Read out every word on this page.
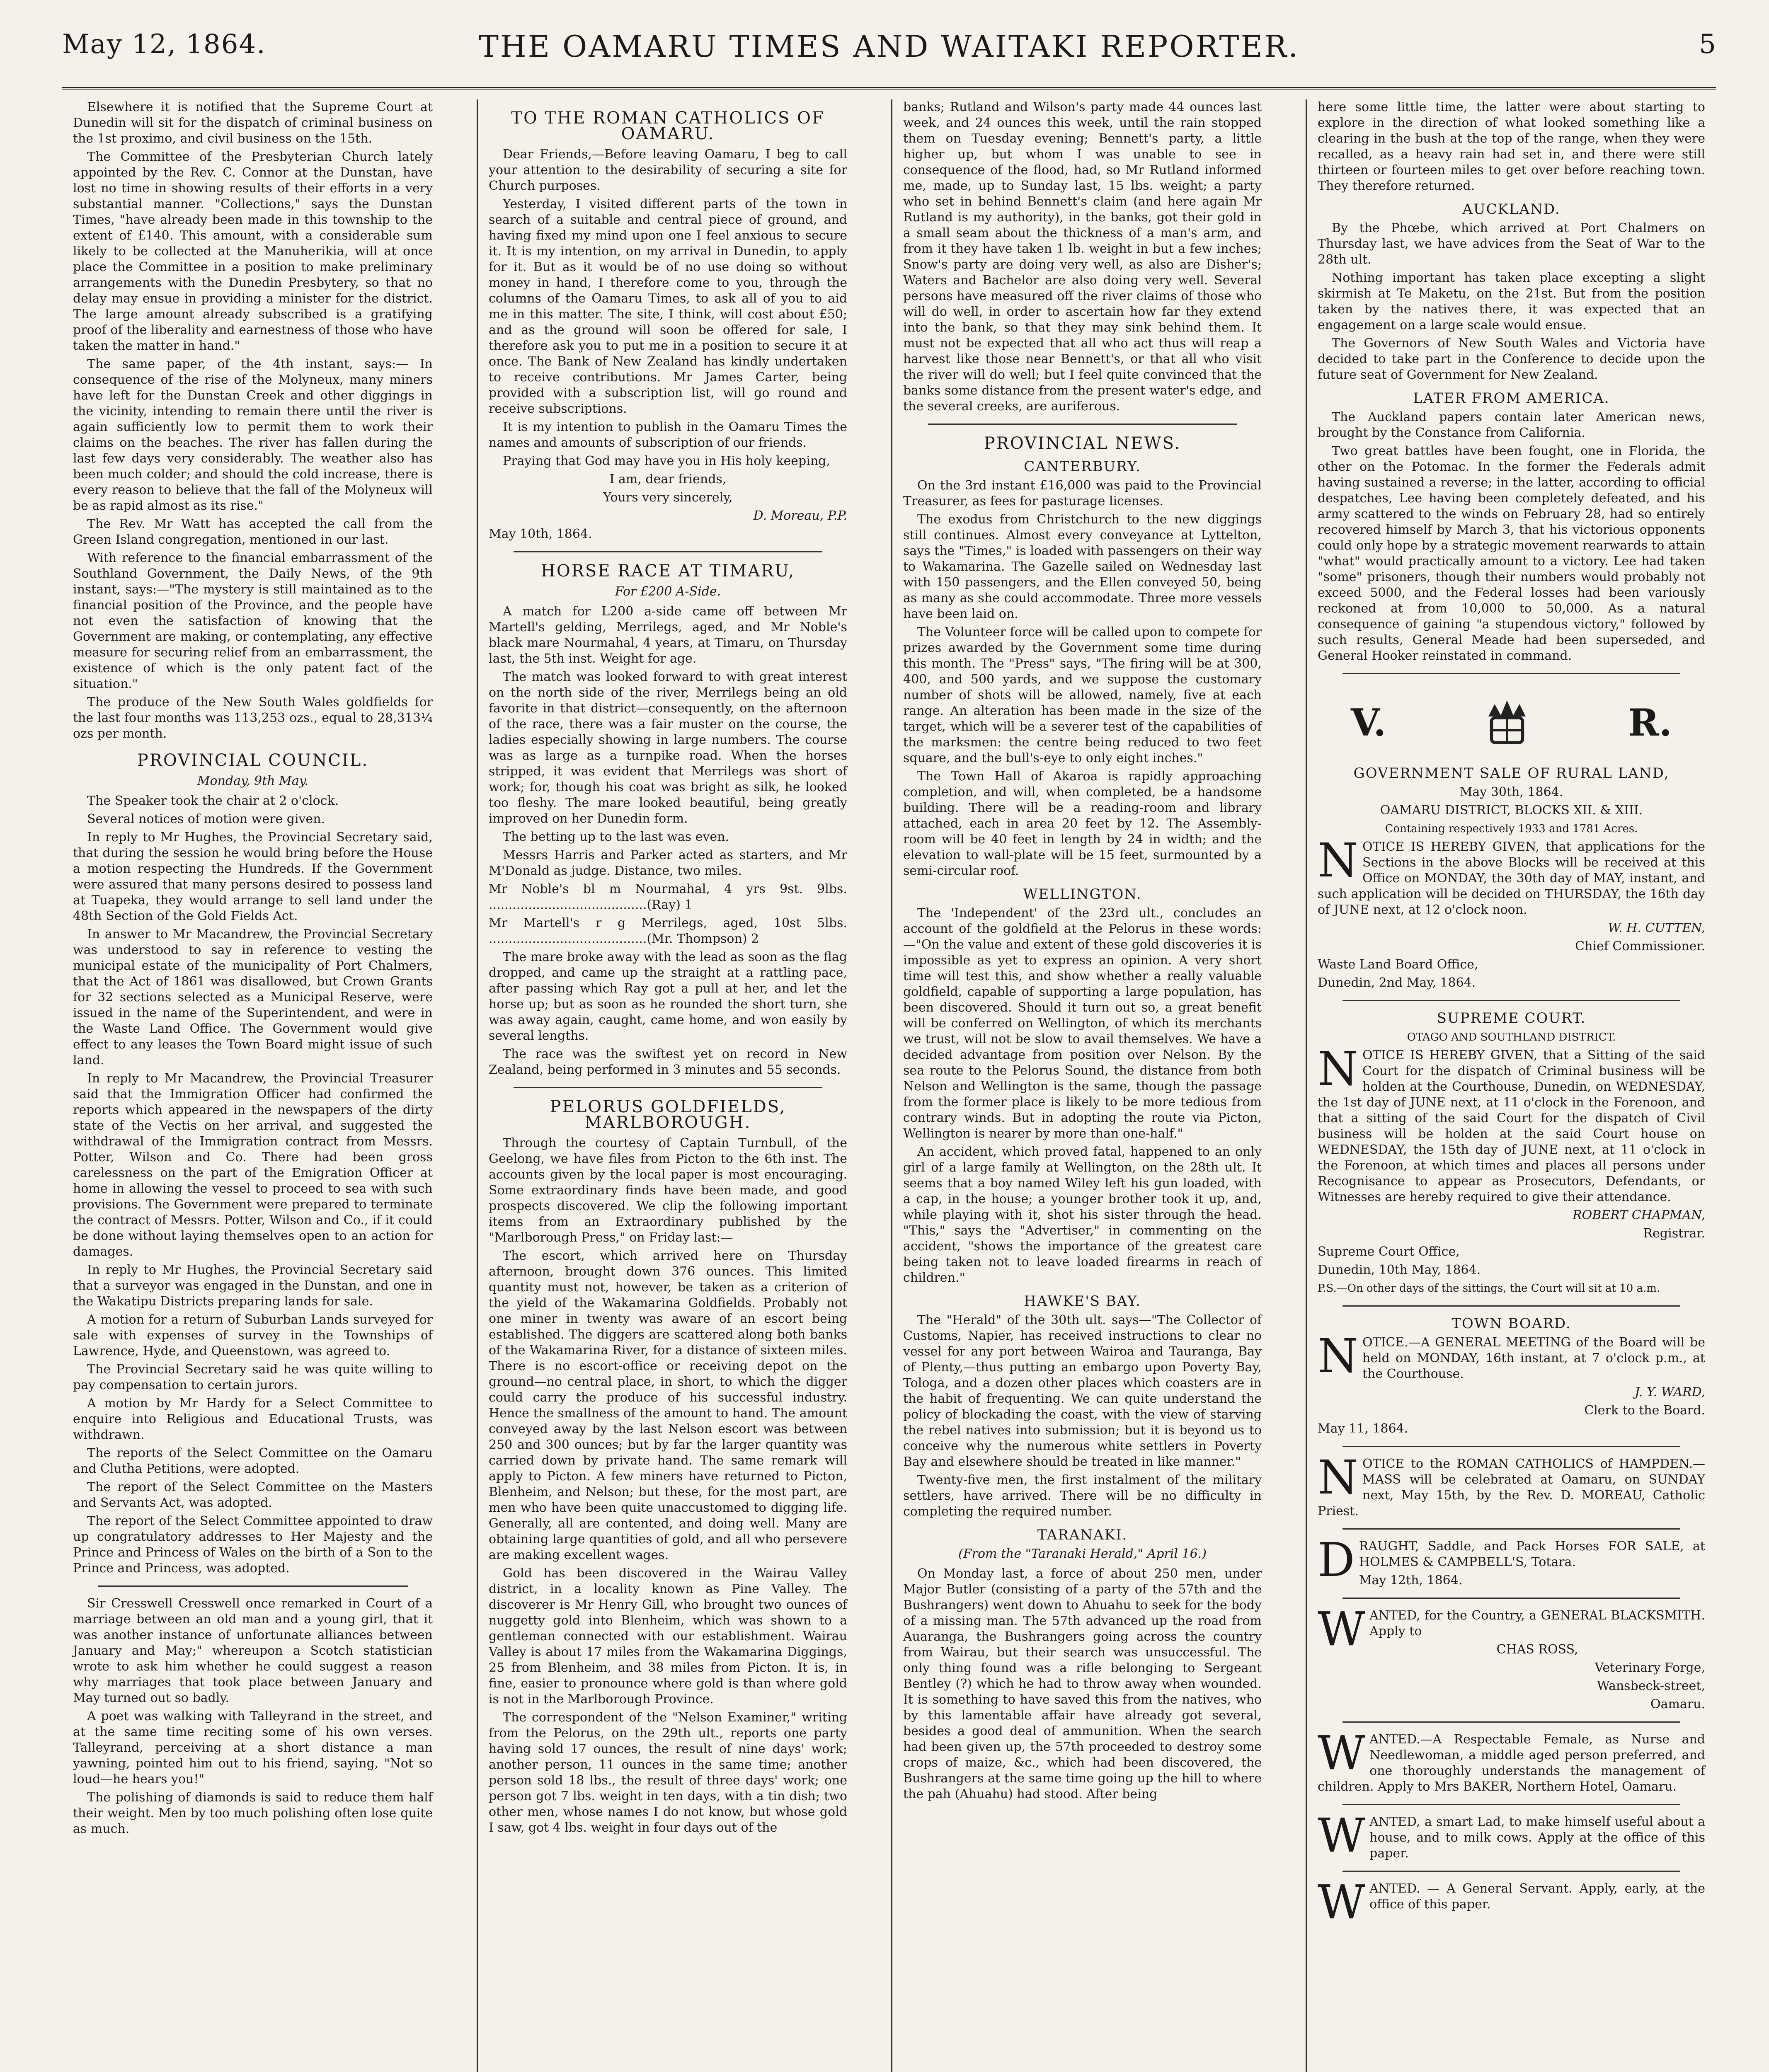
May 12, 1864.	THE OAMARU TIMES AND WAITAKI REPORTER.	5

Elsewhere it is notified that the Supreme Court at Dunedin will sit for the dispatch of criminal business on the 1st proximo, and civil business on the 15th.

The Committee of the Presbyterian Church lately appointed by the Rev. C. Connor at the Dunstan, have lost no time in showing results of their efforts in a very substantial manner. "Collections," says the Dunstan Times, "have already been made in this township to the extent of £140. This amount, with a considerable sum likely to be collected at the Manuherikia, will at once place the Committee in a position to make preliminary arrangements with the Dunedin Presbytery, so that no delay may ensue in providing a minister for the district. The large amount already subscribed is a gratifying proof of the liberality and earnestness of those who have taken the matter in hand."

The same paper, of the 4th instant, says:— In consequence of the rise of the Molyneux, many miners have left for the Dunstan Creek and other diggings in the vicinity, intending to remain there until the river is again sufficiently low to permit them to work their claims on the beaches. The river has fallen during the last few days very considerably. The weather also has been much colder; and should the cold increase, there is every reason to believe that the fall of the Molyneux will be as rapid almost as its rise."

The Rev. Mr Watt has accepted the call from the Green Island congregation, mentioned in our last.

With reference to the financial embarrassment of the Southland Government, the Daily News, of the 9th instant, says:—"The mystery is still maintained as to the financial position of the Province, and the people have not even the satisfaction of knowing that the Government are making, or contemplating, any effective measure for securing relief from an embarrassment, the existence of which is the only patent fact of the situation."

The produce of the New South Wales goldfields for the last four months was 113,253 ozs., equal to 28,313¼ ozs per month.

PROVINCIAL COUNCIL.
Monday, 9th May.

The Speaker took the chair at 2 o'clock.

Several notices of motion were given.

In reply to Mr Hughes, the Provincial Secretary said, that during the session he would bring before the House a motion respecting the Hundreds. If the Government were assured that many persons desired to possess land at Tuapeka, they would arrange to sell land under the 48th Section of the Gold Fields Act.

In answer to Mr Macandrew, the Provincial Secretary was understood to say in reference to vesting the municipal estate of the municipality of Port Chalmers, that the Act of 1861 was disallowed, but Crown Grants for 32 sections selected as a Municipal Reserve, were issued in the name of the Superintendent, and were in the Waste Land Office. The Government would give effect to any leases the Town Board might issue of such land.

In reply to Mr Macandrew, the Provincial Treasurer said that the Immigration Officer had confirmed the reports which appeared in the newspapers of the dirty state of the Vectis on her arrival, and suggested the withdrawal of the Immigration contract from Messrs. Potter, Wilson and Co. There had been gross carelessness on the part of the Emigration Officer at home in allowing the vessel to proceed to sea with such provisions. The Government were prepared to terminate the contract of Messrs. Potter, Wilson and Co., if it could be done without laying themselves open to an action for damages.

In reply to Mr Hughes, the Provincial Secretary said that a surveyor was engaged in the Dunstan, and one in the Wakatipu Districts preparing lands for sale.

A motion for a return of Suburban Lands surveyed for sale with expenses of survey in the Townships of Lawrence, Hyde, and Queenstown, was agreed to.

The Provincial Secretary said he was quite willing to pay compensation to certain jurors.

A motion by Mr Hardy for a Select Committee to enquire into Religious and Educational Trusts, was withdrawn.

The reports of the Select Committee on the Oamaru and Clutha Petitions, were adopted.

The report of the Select Committee on the Masters and Servants Act, was adopted.

The report of the Select Committee appointed to draw up congratulatory addresses to Her Majesty and the Prince and Princess of Wales on the birth of a Son to the Prince and Princess, was adopted.

Sir Cresswell Cresswell once remarked in Court of a marriage between an old man and a young girl, that it was another instance of unfortunate alliances between January and May;" whereupon a Scotch statistician wrote to ask him whether he could suggest a reason why marriages that took place between January and May turned out so badly.

A poet was walking with Talleyrand in the street, and at the same time reciting some of his own verses. Talleyrand, perceiving at a short distance a man yawning, pointed him out to his friend, saying, "Not so loud—he hears you!"

The polishing of diamonds is said to reduce them half their weight. Men by too much polishing often lose quite as much.

TO THE ROMAN CATHOLICS OF OAMARU.

Dear Friends,—Before leaving Oamaru, I beg to call your attention to the desirability of securing a site for Church purposes.

Yesterday, I visited different parts of the town in search of a suitable and central piece of ground, and having fixed my mind upon one I feel anxious to secure it. It is my intention, on my arrival in Dunedin, to apply for it. But as it would be of no use doing so without money in hand, I therefore come to you, through the columns of the Oamaru Times, to ask all of you to aid me in this matter. The site, I think, will cost about £50; and as the ground will soon be offered for sale, I therefore ask you to put me in a position to secure it at once. The Bank of New Zealand has kindly undertaken to receive contributions. Mr James Carter, being provided with a subscription list, will go round and receive subscriptions.

It is my intention to publish in the Oamaru Times the names and amounts of subscription of our friends.

Praying that God may have you in His holy keeping,

I am, dear friends,

Yours very sincerely,

D. Moreau, P.P.

May 10th, 1864.

HORSE RACE AT TIMARU,
For £200 A-Side.

A match for L200 a-side came off between Mr Martell's gelding, Merrilegs, aged, and Mr Noble's black mare Nourmahal, 4 years, at Timaru, on Thursday last, the 5th inst. Weight for age.

The match was looked forward to with great interest on the north side of the river, Merrilegs being an old favorite in that district—consequently, on the afternoon of the race, there was a fair muster on the course, the ladies especially showing in large numbers. The course was as large as a turnpike road. When the horses stripped, it was evident that Merrilegs was short of work; for, though his coat was bright as silk, he looked too fleshy. The mare looked beautiful, being greatly improved on her Dunedin form.

The betting up to the last was even.

Messrs Harris and Parker acted as starters, and Mr M'Donald as judge. Distance, two miles.

Mr Noble's bl m Nourmahal, 4 yrs 9st. 9lbs. ........................................(Ray) 1

Mr Martell's r g Merrilegs, aged, 10st 5lbs. ........................................(Mr. Thompson) 2

The mare broke away with the lead as soon as the flag dropped, and came up the straight at a rattling pace, after passing which Ray got a pull at her, and let the horse up; but as soon as he rounded the short turn, she was away again, caught, came home, and won easily by several lengths.

The race was the swiftest yet on record in New Zealand, being performed in 3 minutes and 55 seconds.

PELORUS GOLDFIELDS, MARLBOROUGH.

Through the courtesy of Captain Turnbull, of the Geelong, we have files from Picton to the 6th inst. The accounts given by the local paper is most encouraging. Some extraordinary finds have been made, and good prospects discovered. We clip the following important items from an Extraordinary published by the "Marlborough Press," on Friday last:—

The escort, which arrived here on Thursday afternoon, brought down 376 ounces. This limited quantity must not, however, be taken as a criterion of the yield of the Wakamarina Goldfields. Probably not one miner in twenty was aware of an escort being established. The diggers are scattered along both banks of the Wakamarina River, for a distance of sixteen miles. There is no escort-office or receiving depot on the ground—no central place, in short, to which the digger could carry the produce of his successful industry. Hence the smallness of the amount to hand. The amount conveyed away by the last Nelson escort was between 250 and 300 ounces; but by far the larger quantity was carried down by private hand. The same remark will apply to Picton. A few miners have returned to Picton, Blenheim, and Nelson; but these, for the most part, are men who have been quite unaccustomed to digging life. Generally, all are contented, and doing well. Many are obtaining large quantities of gold, and all who persevere are making excellent wages.

Gold has been discovered in the Wairau Valley district, in a locality known as Pine Valley. The discoverer is Mr Henry Gill, who brought two ounces of nuggetty gold into Blenheim, which was shown to a gentleman connected with our establishment. Wairau Valley is about 17 miles from the Wakamarina Diggings, 25 from Blenheim, and 38 miles from Picton. It is, in fine, easier to pronounce where gold is than where gold is not in the Marlborough Province.

The correspondent of the "Nelson Examiner," writing from the Pelorus, on the 29th ult., reports one party having sold 17 ounces, the result of nine days' work; another person, 11 ounces in the same time; another person sold 18 lbs., the result of three days' work; one person got 7 lbs. weight in ten days, with a tin dish; two other men, whose names I do not know, but whose gold I saw, got 4 lbs. weight in four days out of the

banks; Rutland and Wilson's party made 44 ounces last week, and 24 ounces this week, until the rain stopped them on Tuesday evening; Bennett's party, a little higher up, but whom I was unable to see in consequence of the flood, had, so Mr Rutland informed me, made, up to Sunday last, 15 lbs. weight; a party who set in behind Bennett's claim (and here again Mr Rutland is my authority), in the banks, got their gold in a small seam about the thickness of a man's arm, and from it they have taken 1 lb. weight in but a few inches; Snow's party are doing very well, as also are Disher's; Waters and Bachelor are also doing very well. Several persons have measured off the river claims of those who will do well, in order to ascertain how far they extend into the bank, so that they may sink behind them. It must not be expected that all who act thus will reap a harvest like those near Bennett's, or that all who visit the river will do well; but I feel quite convinced that the banks some distance from the present water's edge, and the several creeks, are auriferous.

PROVINCIAL NEWS.
CANTERBURY.

On the 3rd instant £16,000 was paid to the Provincial Treasurer, as fees for pasturage licenses.

The exodus from Christchurch to the new diggings still continues. Almost every conveyance at Lyttelton, says the "Times," is loaded with passengers on their way to Wakamarina. The Gazelle sailed on Wednesday last with 150 passengers, and the Ellen conveyed 50, being as many as she could accommodate. Three more vessels have been laid on.

The Volunteer force will be called upon to compete for prizes awarded by the Government some time during this month. The "Press" says, "The firing will be at 300, 400, and 500 yards, and we suppose the customary number of shots will be allowed, namely, five at each range. An alteration has been made in the size of the target, which will be a severer test of the capabilities of the marksmen: the centre being reduced to two feet square, and the bull's-eye to only eight inches."

The Town Hall of Akaroa is rapidly approaching completion, and will, when completed, be a handsome building. There will be a reading-room and library attached, each in area 20 feet by 12. The Assembly-room will be 40 feet in length by 24 in width; and the elevation to wall-plate will be 15 feet, surmounted by a semi-circular roof.

WELLINGTON.

The 'Independent' of the 23rd ult., concludes an account of the goldfield at the Pelorus in these words:—"On the value and extent of these gold discoveries it is impossible as yet to express an opinion. A very short time will test this, and show whether a really valuable goldfield, capable of supporting a large population, has been discovered. Should it turn out so, a great benefit will be conferred on Wellington, of which its merchants we trust, will not be slow to avail themselves. We have a decided advantage from position over Nelson. By the sea route to the Pelorus Sound, the distance from both Nelson and Wellington is the same, though the passage from the former place is likely to be more tedious from contrary winds. But in adopting the route via Picton, Wellington is nearer by more than one-half."

An accident, which proved fatal, happened to an only girl of a large family at Wellington, on the 28th ult. It seems that a boy named Wiley left his gun loaded, with a cap, in the house; a younger brother took it up, and, while playing with it, shot his sister through the head. "This," says the "Advertiser," in commenting on the accident, "shows the importance of the greatest care being taken not to leave loaded firearms in reach of children."

HAWKE'S BAY.

The "Herald" of the 30th ult. says—"The Collector of Customs, Napier, has received instructions to clear no vessel for any port between Wairoa and Tauranga, Bay of Plenty,—thus putting an embargo upon Poverty Bay, Tologa, and a dozen other places which coasters are in the habit of frequenting. We can quite understand the policy of blockading the coast, with the view of starving the rebel natives into submission; but it is beyond us to conceive why the numerous white settlers in Poverty Bay and elsewhere should be treated in like manner."

Twenty-five men, the first instalment of the military settlers, have arrived. There will be no difficulty in completing the required number.

TARANAKI.
(From the "Taranaki Herald," April 16.)

On Monday last, a force of about 250 men, under Major Butler (consisting of a party of the 57th and the Bushrangers) went down to Ahuahu to seek for the body of a missing man. The 57th advanced up the road from Auaranga, the Bushrangers going across the country from Wairau, but their search was unsuccessful. The only thing found was a rifle belonging to Sergeant Bentley (?) which he had to throw away when wounded. It is something to have saved this from the natives, who by this lamentable affair have already got several, besides a good deal of ammunition. When the search had been given up, the 57th proceeded to destroy some crops of maize, &c., which had been discovered, the Bushrangers at the same time going up the hill to where the pah (Ahuahu) had stood. After being

here some little time, the latter were about starting to explore in the direction of what looked something like a clearing in the bush at the top of the range, when they were recalled, as a heavy rain had set in, and there were still thirteen or fourteen miles to get over before reaching town. They therefore returned.

AUCKLAND.

By the Phœbe, which arrived at Port Chalmers on Thursday last, we have advices from the Seat of War to the 28th ult.

Nothing important has taken place excepting a slight skirmish at Te Maketu, on the 21st. But from the position taken by the natives there, it was expected that an engagement on a large scale would ensue.

The Governors of New South Wales and Victoria have decided to take part in the Conference to decide upon the future seat of Government for New Zealand.

LATER FROM AMERICA.

The Auckland papers contain later American news, brought by the Constance from California.

Two great battles have been fought, one in Florida, the other on the Potomac. In the former the Federals admit having sustained a reverse; in the latter, according to official despatches, Lee having been completely defeated, and his army scattered to the winds on February 28, had so entirely recovered himself by March 3, that his victorious opponents could only hope by a strategic movement rearwards to attain "what" would practically amount to a victory. Lee had taken "some" prisoners, though their numbers would probably not exceed 5000, and the Federal losses had been variously reckoned at from 10,000 to 50,000. As a natural consequence of gaining "a stupendous victory," followed by such results, General Meade had been superseded, and General Hooker reinstated in command.

V.	R.
GOVERNMENT SALE OF RURAL LAND,

May 30th, 1864.

OAMARU DISTRICT, BLOCKS XII. & XIII.

Containing respectively 1933 and 1781 Acres.

NOTICE IS HEREBY GIVEN, that applications for the Sections in the above Blocks will be received at this Office on MONDAY, the 30th day of MAY, instant, and such application will be decided on THURSDAY, the 16th day of JUNE next, at 12 o'clock noon.

W. H. CUTTEN,

Chief Commissioner.

Waste Land Board Office,

Dunedin, 2nd May, 1864.

SUPREME COURT.

OTAGO AND SOUTHLAND DISTRICT.

NOTICE IS HEREBY GIVEN, that a Sitting of the said Court for the dispatch of Criminal business will be holden at the Courthouse, Dunedin, on WEDNESDAY, the 1st day of JUNE next, at 11 o'clock in the Forenoon, and that a sitting of the said Court for the dispatch of Civil business will be holden at the said Court house on WEDNESDAY, the 15th day of JUNE next, at 11 o'clock in the Forenoon, at which times and places all persons under Recognisance to appear as Prosecutors, Defendants, or Witnesses are hereby required to give their attendance.

ROBERT CHAPMAN,

Registrar.

Supreme Court Office,

Dunedin, 10th May, 1864.

P.S.—On other days of the sittings, the Court will sit at 10 a.m.

TOWN BOARD.

NOTICE.—A GENERAL MEETING of the Board will be held on MONDAY, 16th instant, at 7 o'clock p.m., at the Courthouse.

J. Y. WARD,

Clerk to the Board.

May 11, 1864.

NOTICE to the ROMAN CATHOLICS of HAMPDEN.—MASS will be celebrated at Oamaru, on SUNDAY next, May 15th, by the Rev. D. MOREAU, Catholic Priest.

DRAUGHT, Saddle, and Pack Horses FOR SALE, at HOLMES & CAMPBELL'S, Totara.

May 12th, 1864.

WANTED, for the Country, a GENERAL BLACKSMITH. Apply to

CHAS ROSS,

Veterinary Forge,

Wansbeck-street,

Oamaru.

WANTED.—A Respectable Female, as Nurse and Needlewoman, a middle aged person preferred, and one thoroughly understands the management of children. Apply to Mrs BAKER, Northern Hotel, Oamaru.

WANTED, a smart Lad, to make himself useful about a house, and to milk cows. Apply at the office of this paper.

WANTED. — A General Servant. Apply, early, at the office of this paper.
